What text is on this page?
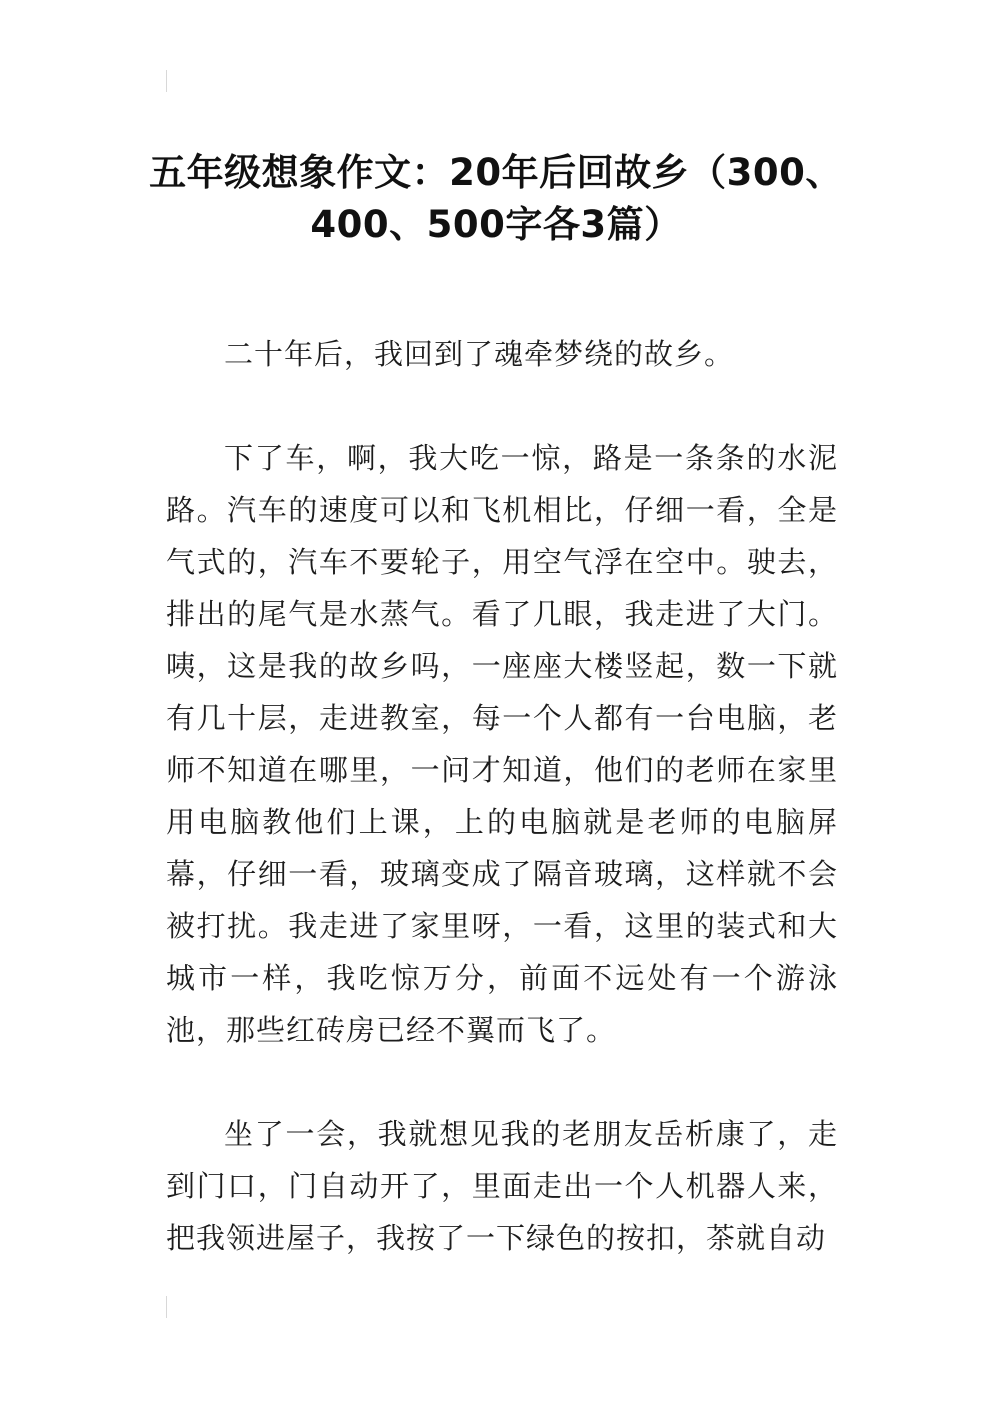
五年级想象作文：20年后回故乡（300、
400、500字各3篇）

二十年后，我回到了魂牵梦绕的故乡。

下了车，啊，我大吃一惊，路是一条条的水泥路。汽车的速度可以和飞机相比，仔细一看，全是气式的，汽车不要轮子，用空气浮在空中。驶去，排出的尾气是水蒸气。看了几眼，我走进了大门。咦，这是我的故乡吗，一座座大楼竖起，数一下就有几十层，走进教室，每一个人都有一台电脑，老师不知道在哪里，一问才知道，他们的老师在家里用电脑教他们上课，上的电脑就是老师的电脑屏幕，仔细一看，玻璃变成了隔音玻璃，这样就不会被打扰。我走进了家里呀，一看，这里的装式和大城市一样，我吃惊万分，前面不远处有一个游泳池，那些红砖房已经不翼而飞了。

坐了一会，我就想见我的老朋友岳析康了，走到门口，门自动开了，里面走出一个人机器人来，把我领进屋子，我按了一下绿色的按扣，茶就自动
